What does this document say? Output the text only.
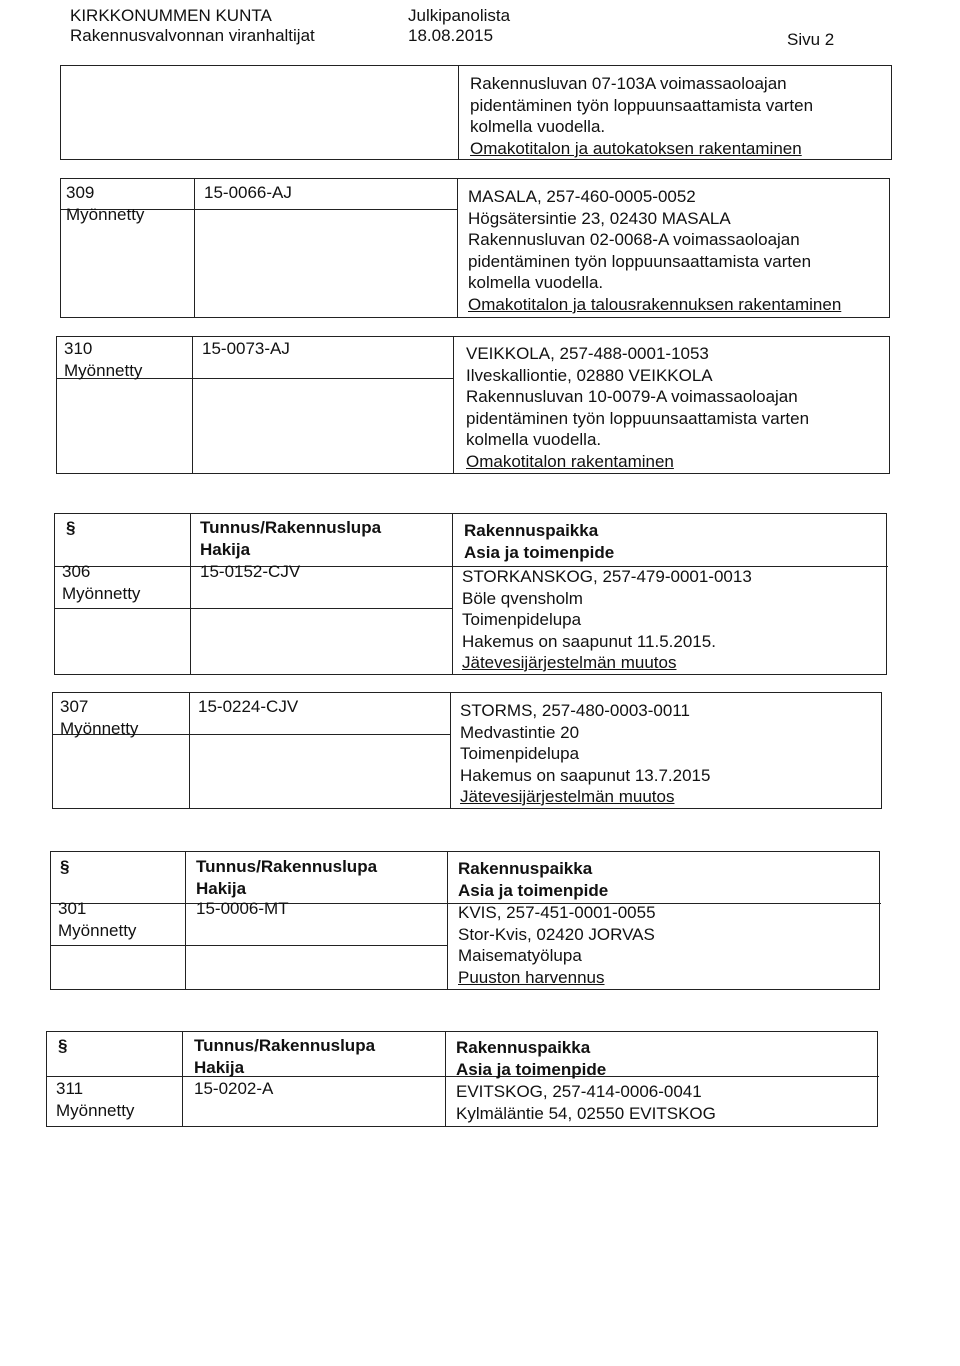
KIRKKONUMMEN KUNTA
Rakennusvalvonnan viranhaltijat
Julkipanolista
18.08.2015	Sivu 2
Rakennusluvan 07-103A voimassaoloajan
pidentäminen työn loppuunsaattamista varten
kolmella vuodella.
Omakotitalon ja autokatoksen rakentaminen
309
Myönnetty
15-0066-AJ	MASALA, 257-460-0005-0052
Högsätersintie 23, 02430 MASALA
Rakennusluvan 02-0068-A voimassaoloajan
pidentäminen työn loppuunsaattamista varten
kolmella vuodella.
Omakotitalon ja talousrakennuksen rakentaminen
310
Myönnetty
15-0073-AJ	VEIKKOLA, 257-488-0001-1053
Ilveskalliontie, 02880 VEIKKOLA
Rakennusluvan 10-0079-A voimassaoloajan
pidentäminen työn loppuunsaattamista varten
kolmella vuodella.
Omakotitalon rakentaminen
§	Tunnus/Rakennuslupa
Hakija
Rakennuspaikka
Asia ja toimenpide
306
Myönnetty
15-0152-CJV	STORKANSKOG, 257-479-0001-0013
Böle qvensholm
Toimenpidelupa
Hakemus on saapunut 11.5.2015.
Jätevesijärjestelmän muutos
307
Myönnetty
15-0224-CJV	STORMS, 257-480-0003-0011
Medvastintie 20
Toimenpidelupa
Hakemus on saapunut 13.7.2015
Jätevesijärjestelmän muutos
§	Tunnus/Rakennuslupa
Hakija
Rakennuspaikka
Asia ja toimenpide
301
Myönnetty
15-0006-MT	KVIS, 257-451-0001-0055
Stor-Kvis, 02420 JORVAS
Maisematyölupa
Puuston harvennus
§	Tunnus/Rakennuslupa
Hakija
Rakennuspaikka
Asia ja toimenpide
311
Myönnetty
15-0202-A	EVITSKOG, 257-414-0006-0041
Kylmäläntie 54, 02550 EVITSKOG
